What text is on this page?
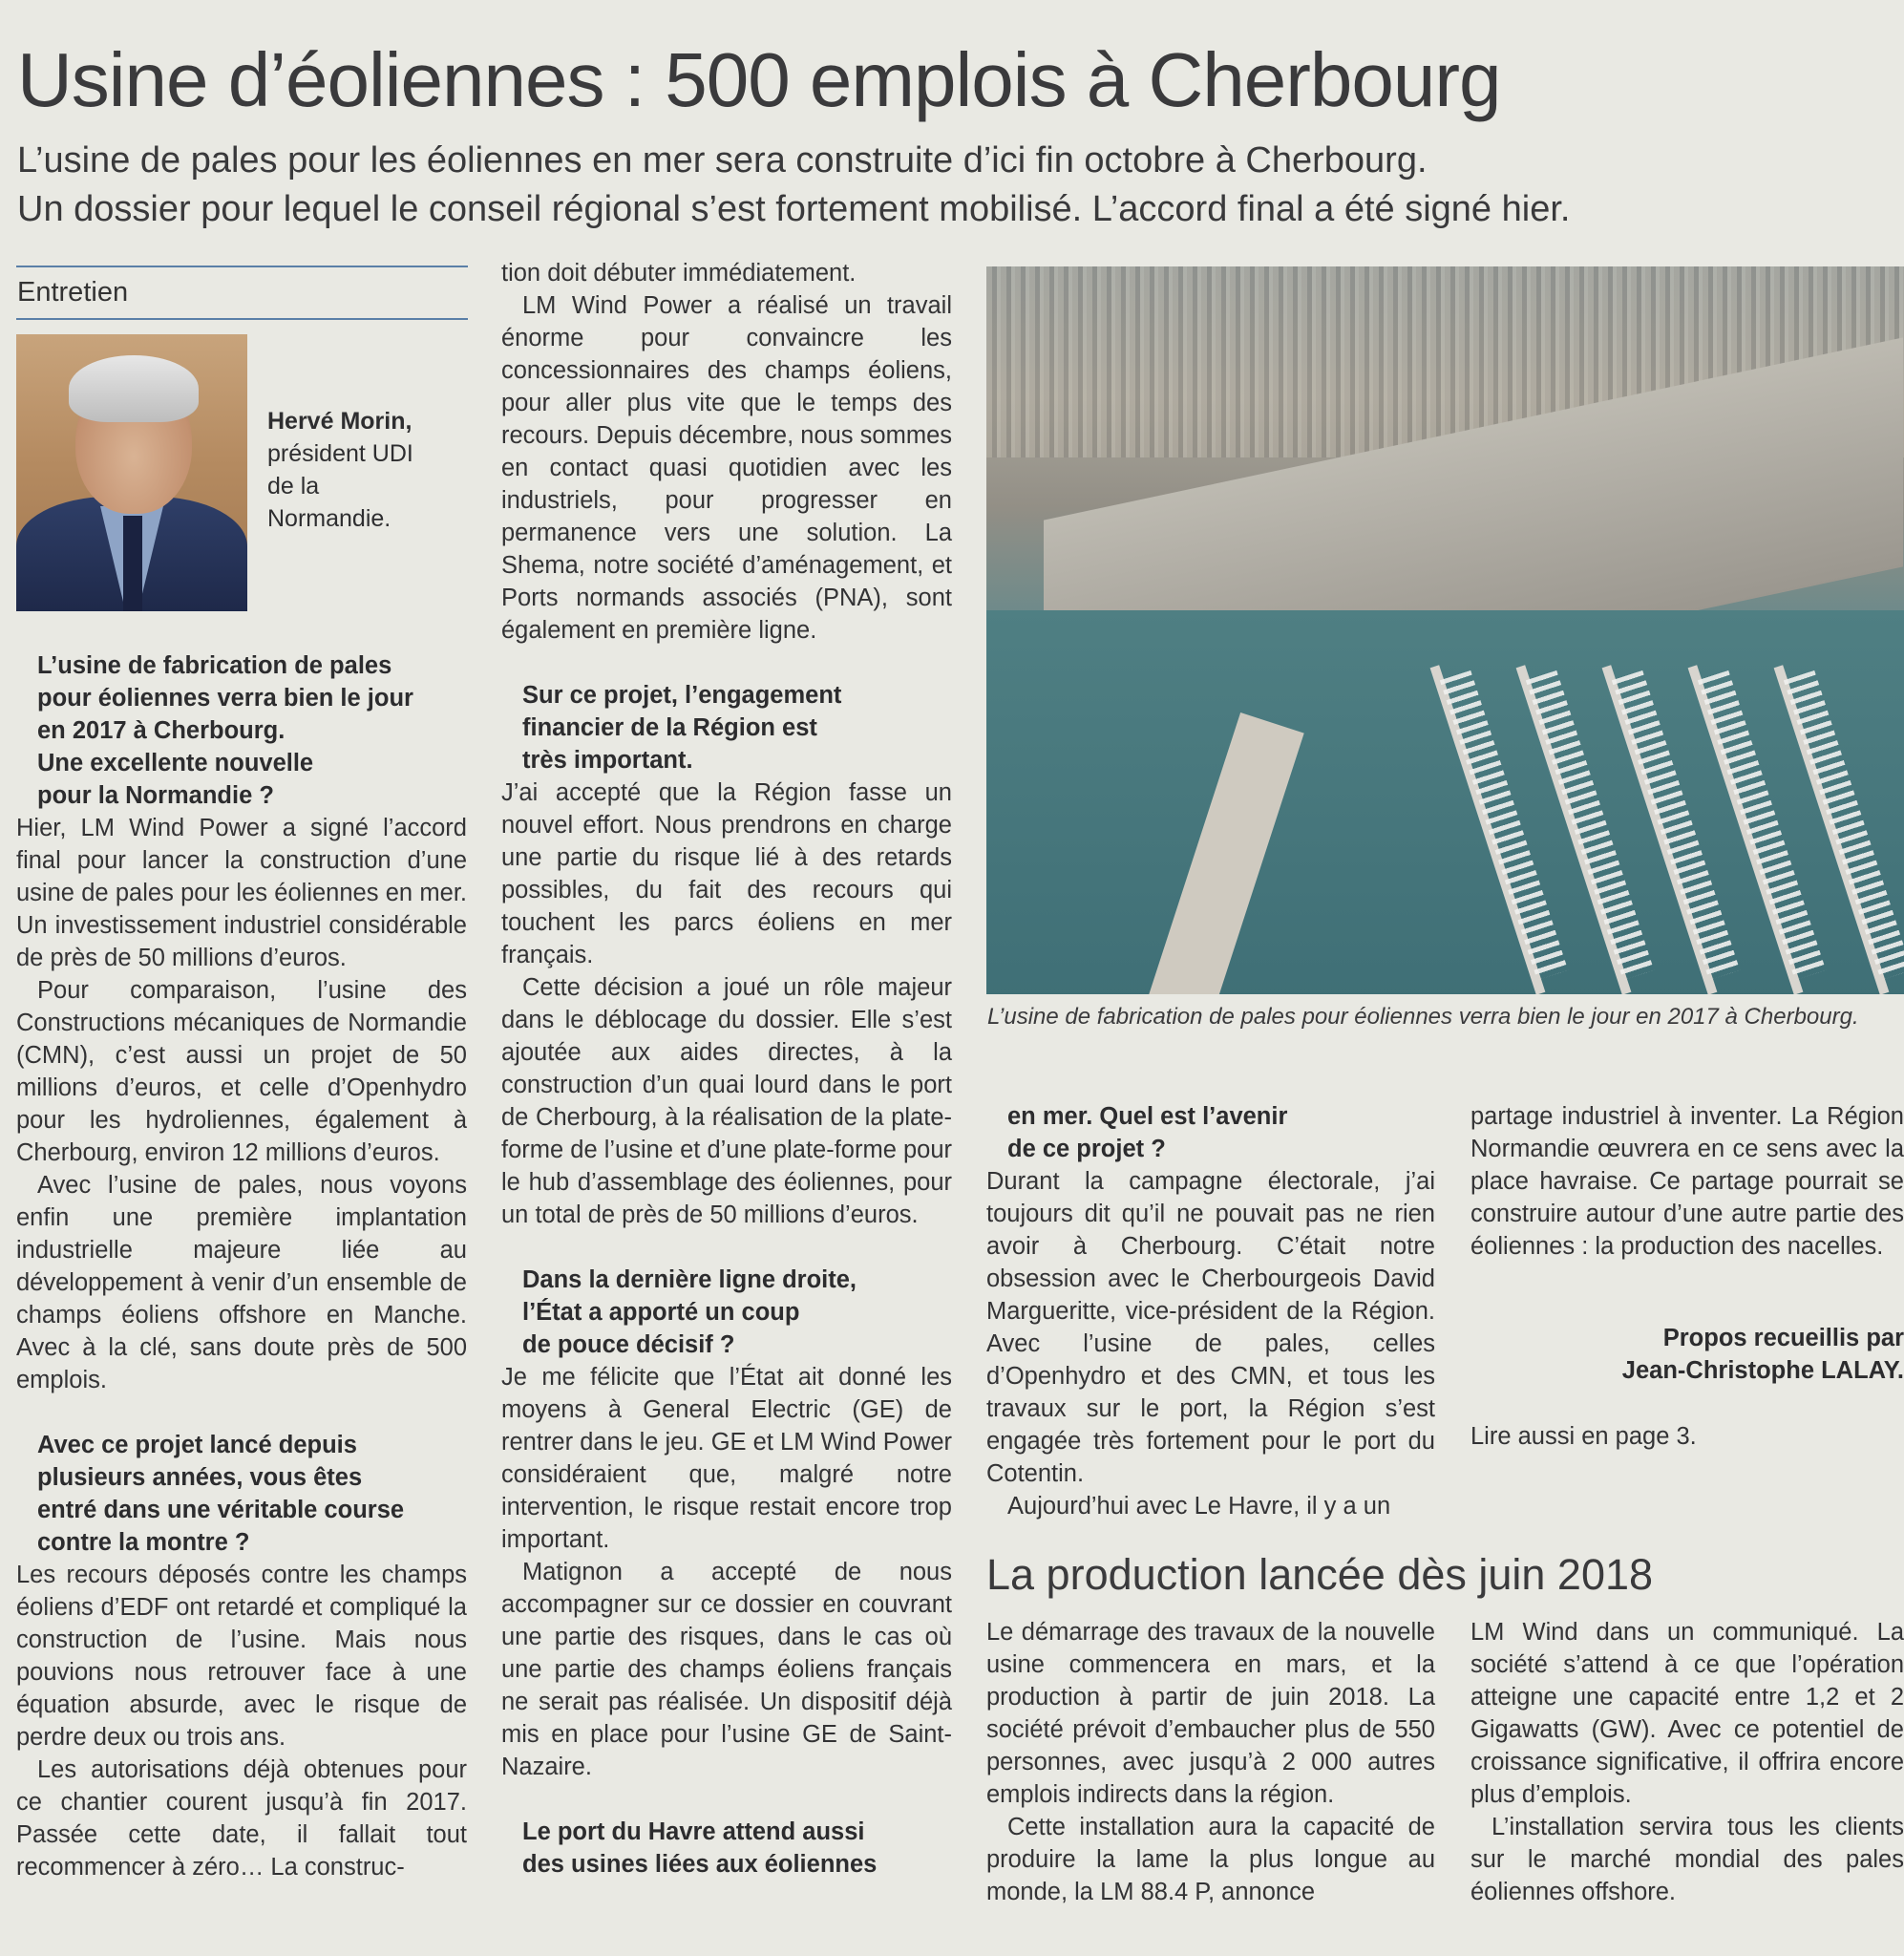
Usine d’éoliennes : 500 emplois à Cherbourg
L’usine de pales pour les éoliennes en mer sera construite d’ici fin octobre à Cherbourg.
Un dossier pour lequel le conseil régional s’est fortement mobilisé. L’accord final a été signé hier.
Entretien
Hervé Morin,
président UDI
de la
Normandie.
L’usine de fabrication de pales
pour éoliennes verra bien le jour
en 2017 à Cherbourg.
Une excellente nouvelle
pour la Normandie ?

Hier, LM Wind Power a signé l’accord final pour lancer la construction d’une usine de pales pour les éoliennes en mer. Un investissement industriel considérable de près de 50 millions d’euros.

Pour comparaison, l’usine des Constructions mécaniques de Normandie (CMN), c’est aussi un projet de 50 millions d’euros, et celle d’Openhydro pour les hydroliennes, également à Cherbourg, environ 12 millions d’euros.

Avec l’usine de pales, nous voyons enfin une première implantation industrielle majeure liée au développement à venir d’un ensemble de champs éoliens offshore en Manche. Avec à la clé, sans doute près de 500 emplois.

Avec ce projet lancé depuis
plusieurs années, vous êtes
entré dans une véritable course
contre la montre ?

Les recours déposés contre les champs éoliens d’EDF ont retardé et compliqué la construction de l’usine. Mais nous pouvions nous retrouver face à une équation absurde, avec le risque de perdre deux ou trois ans.

Les autorisations déjà obtenues pour ce chantier courent jusqu’à fin 2017. Passée cette date, il fallait tout recommencer à zéro… La construc-

tion doit débuter immédiatement.

LM Wind Power a réalisé un travail énorme pour convaincre les concessionnaires des champs éoliens, pour aller plus vite que le temps des recours. Depuis décembre, nous sommes en contact quasi quotidien avec les industriels, pour progresser en permanence vers une solution. La Shema, notre société d’aménagement, et Ports normands associés (PNA), sont également en première ligne.

Sur ce projet, l’engagement
financier de la Région est
très important.

J’ai accepté que la Région fasse un nouvel effort. Nous prendrons en charge une partie du risque lié à des retards possibles, du fait des recours qui touchent les parcs éoliens en mer français.

Cette décision a joué un rôle majeur dans le déblocage du dossier. Elle s’est ajoutée aux aides directes, à la construction d’un quai lourd dans le port de Cherbourg, à la réalisation de la plate-forme de l’usine et d’une plate-forme pour le hub d’assemblage des éoliennes, pour un total de près de 50 millions d’euros.

Dans la dernière ligne droite,
l’État a apporté un coup
de pouce décisif ?

Je me félicite que l’État ait donné les moyens à General Electric (GE) de rentrer dans le jeu. GE et LM Wind Power considéraient que, malgré notre intervention, le risque restait encore trop important.

Matignon a accepté de nous accompagner sur ce dossier en couvrant une partie des risques, dans le cas où une partie des champs éoliens français ne serait pas réalisée. Un dispositif déjà mis en place pour l’usine GE de Saint-Nazaire.

Le port du Havre attend aussi
des usines liées aux éoliennes
L’usine de fabrication de pales pour éoliennes verra bien le jour en 2017 à Cherbourg.
en mer. Quel est l’avenir
de ce projet ?

Durant la campagne électorale, j’ai toujours dit qu’il ne pouvait pas ne rien avoir à Cherbourg. C’était notre obsession avec le Cherbourgeois David Margueritte, vice-président de la Région. Avec l’usine de pales, celles d’Openhydro et des CMN, et tous les travaux sur le port, la Région s’est engagée très fortement pour le port du Cotentin.

Aujourd’hui avec Le Havre, il y a un

partage industriel à inventer. La Région Normandie œuvrera en ce sens avec la place havraise. Ce partage pourrait se construire autour d’une autre partie des éoliennes : la production des nacelles.

Propos recueillis par
Jean-Christophe LALAY.
Lire aussi en page 3.
La production lancée dès juin 2018

Le démarrage des travaux de la nouvelle usine commencera en mars, et la production à partir de juin 2018. La société prévoit d’embaucher plus de 550 personnes, avec jusqu’à 2 000 autres emplois indirects dans la région.

Cette installation aura la capacité de produire la lame la plus longue au monde, la LM 88.4 P, annonce

LM Wind dans un communiqué. La société s’attend à ce que l’opération atteigne une capacité entre 1,2 et 2 Gigawatts (GW). Avec ce potentiel de croissance significative, il offrira encore plus d’emplois.

L’installation servira tous les clients sur le marché mondial des pales éoliennes offshore.
